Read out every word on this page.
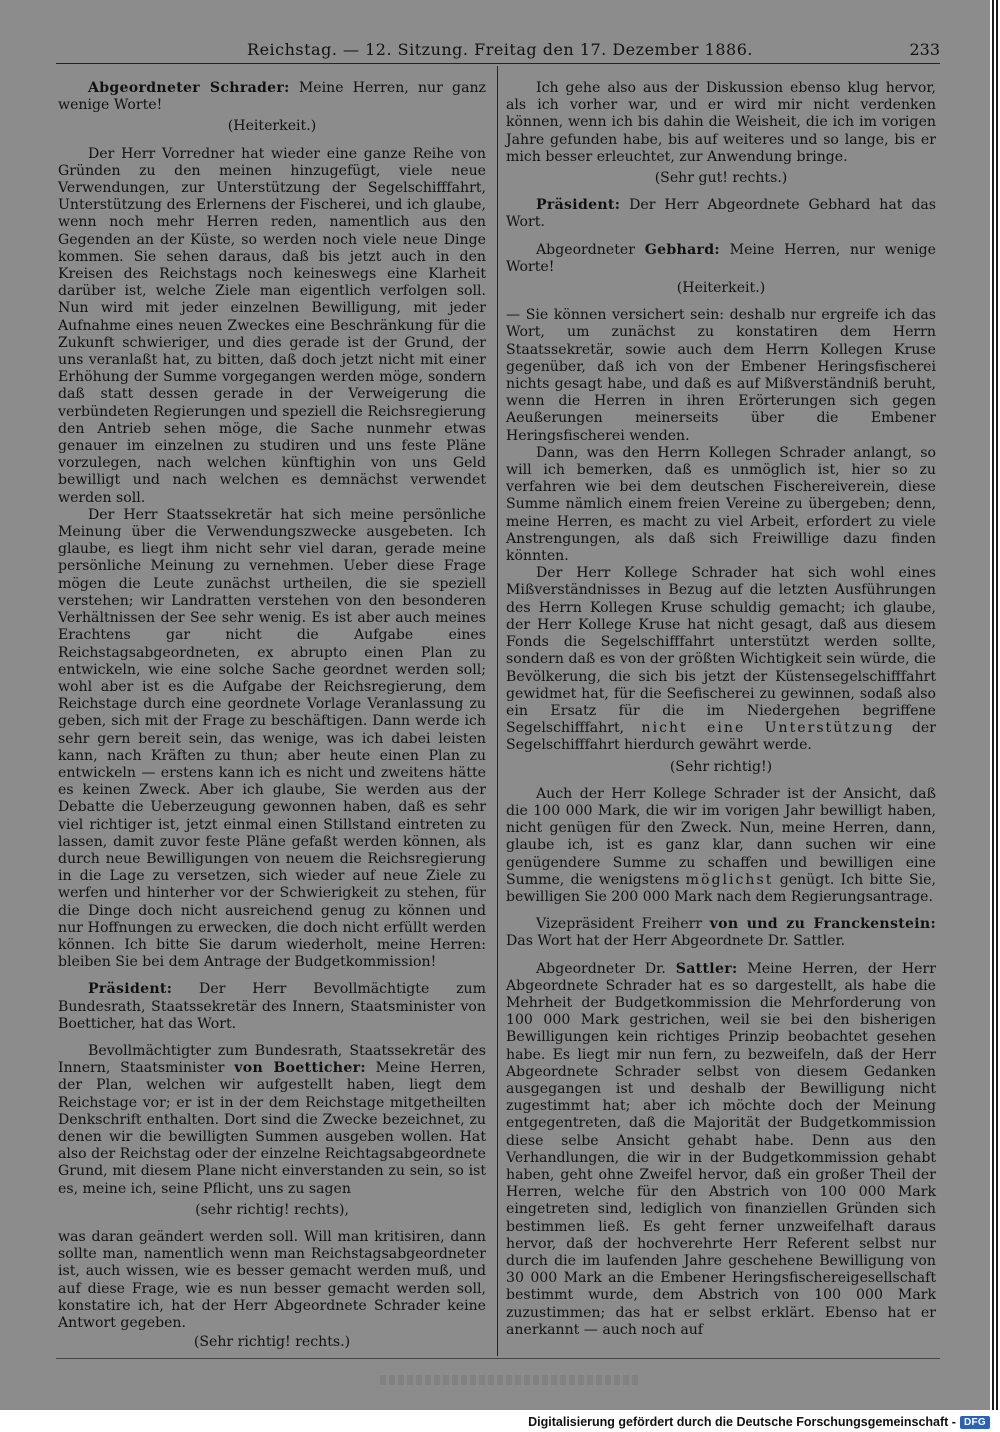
Reichstag. — 12. Sitzung. Freitag den 17. Dezember 1886.	233

Abgeordneter Schrader: Meine Herren, nur ganz wenige Worte!

(Heiterkeit.)

Der Herr Vorredner hat wieder eine ganze Reihe von Gründen zu den meinen hinzugefügt, viele neue Verwendungen, zur Unterstützung der Segelschifffahrt, Unterstützung des Erlernens der Fischerei, und ich glaube, wenn noch mehr Herren reden, namentlich aus den Gegenden an der Küste, so werden noch viele neue Dinge kommen. Sie sehen daraus, daß bis jetzt auch in den Kreisen des Reichstags noch keineswegs eine Klarheit darüber ist, welche Ziele man eigentlich verfolgen soll. Nun wird mit jeder einzelnen Bewilligung, mit jeder Aufnahme eines neuen Zweckes eine Beschränkung für die Zukunft schwieriger, und dies gerade ist der Grund, der uns veranlaßt hat, zu bitten, daß doch jetzt nicht mit einer Erhöhung der Summe vorgegangen werden möge, sondern daß statt dessen gerade in der Verweigerung die verbündeten Regierungen und speziell die Reichsregierung den Antrieb sehen möge, die Sache nunmehr etwas genauer im einzelnen zu studiren und uns feste Pläne vorzulegen, nach welchen künftighin von uns Geld bewilligt und nach welchen es demnächst verwendet werden soll.

Der Herr Staatssekretär hat sich meine persönliche Meinung über die Verwendungszwecke ausgebeten. Ich glaube, es liegt ihm nicht sehr viel daran, gerade meine persönliche Meinung zu vernehmen. Ueber diese Frage mögen die Leute zunächst urtheilen, die sie speziell verstehen; wir Landratten verstehen von den besonderen Verhältnissen der See sehr wenig. Es ist aber auch meines Erachtens gar nicht die Aufgabe eines Reichstagsabgeordneten, ex abrupto einen Plan zu entwickeln, wie eine solche Sache geordnet werden soll; wohl aber ist es die Aufgabe der Reichsregierung, dem Reichstage durch eine geordnete Vorlage Veranlassung zu geben, sich mit der Frage zu beschäftigen. Dann werde ich sehr gern bereit sein, das wenige, was ich dabei leisten kann, nach Kräften zu thun; aber heute einen Plan zu entwickeln — erstens kann ich es nicht und zweitens hätte es keinen Zweck. Aber ich glaube, Sie werden aus der Debatte die Ueberzeugung gewonnen haben, daß es sehr viel richtiger ist, jetzt einmal einen Stillstand eintreten zu lassen, damit zuvor feste Pläne gefaßt werden können, als durch neue Bewilligungen von neuem die Reichsregierung in die Lage zu versetzen, sich wieder auf neue Ziele zu werfen und hinterher vor der Schwierigkeit zu stehen, für die Dinge doch nicht ausreichend genug zu können und nur Hoffnungen zu erwecken, die doch nicht erfüllt werden können. Ich bitte Sie darum wiederholt, meine Herren: bleiben Sie bei dem Antrage der Budgetkommission!

Präsident: Der Herr Bevollmächtigte zum Bundesrath, Staatssekretär des Innern, Staatsminister von Boetticher, hat das Wort.

Bevollmächtigter zum Bundesrath, Staatssekretär des Innern, Staatsminister von Boetticher: Meine Herren, der Plan, welchen wir aufgestellt haben, liegt dem Reichstage vor; er ist in der dem Reichstage mitgetheilten Denkschrift enthalten. Dort sind die Zwecke bezeichnet, zu denen wir die bewilligten Summen ausgeben wollen. Hat also der Reichstag oder der einzelne Reichtagsabgeordnete Grund, mit diesem Plane nicht einverstanden zu sein, so ist es, meine ich, seine Pflicht, uns zu sagen

(sehr richtig! rechts),

was daran geändert werden soll. Will man kritisiren, dann sollte man, namentlich wenn man Reichstagsabgeordneter ist, auch wissen, wie es besser gemacht werden muß, und auf diese Frage, wie es nun besser gemacht werden soll, konstatire ich, hat der Herr Abgeordnete Schrader keine Antwort gegeben.

(Sehr richtig! rechts.)

Ich gehe also aus der Diskussion ebenso klug hervor, als ich vorher war, und er wird mir nicht verdenken können, wenn ich bis dahin die Weisheit, die ich im vorigen Jahre gefunden habe, bis auf weiteres und so lange, bis er mich besser erleuchtet, zur Anwendung bringe.

(Sehr gut! rechts.)

Präsident: Der Herr Abgeordnete Gebhard hat das Wort.

Abgeordneter Gebhard: Meine Herren, nur wenige Worte!

(Heiterkeit.)

— Sie können versichert sein: deshalb nur ergreife ich das Wort, um zunächst zu konstatiren dem Herrn Staatssekretär, sowie auch dem Herrn Kollegen Kruse gegenüber, daß ich von der Embener Heringsfischerei nichts gesagt habe, und daß es auf Mißverständniß beruht, wenn die Herren in ihren Erörterungen sich gegen Aeußerungen meinerseits über die Embener Heringsfischerei wenden.

Dann, was den Herrn Kollegen Schrader anlangt, so will ich bemerken, daß es unmöglich ist, hier so zu verfahren wie bei dem deutschen Fischereiverein, diese Summe nämlich einem freien Vereine zu übergeben; denn, meine Herren, es macht zu viel Arbeit, erfordert zu viele Anstrengungen, als daß sich Freiwillige dazu finden könnten.

Der Herr Kollege Schrader hat sich wohl eines Mißverständnisses in Bezug auf die letzten Ausführungen des Herrn Kollegen Kruse schuldig gemacht; ich glaube, der Herr Kollege Kruse hat nicht gesagt, daß aus diesem Fonds die Segelschifffahrt unterstützt werden sollte, sondern daß es von der größten Wichtigkeit sein würde, die Bevölkerung, die sich bis jetzt der Küstensegelschifffahrt gewidmet hat, für die Seefischerei zu gewinnen, sodaß also ein Ersatz für die im Niedergehen begriffene Segelschifffahrt, nicht eine Unterstützung der Segelschifffahrt hierdurch gewährt werde.

(Sehr richtig!)

Auch der Herr Kollege Schrader ist der Ansicht, daß die 100 000 Mark, die wir im vorigen Jahr bewilligt haben, nicht genügen für den Zweck. Nun, meine Herren, dann, glaube ich, ist es ganz klar, dann suchen wir eine genügendere Summe zu schaffen und bewilligen eine Summe, die wenigstens möglichst genügt. Ich bitte Sie, bewilligen Sie 200 000 Mark nach dem Regierungsantrage.

Vizepräsident Freiherr von und zu Franckenstein: Das Wort hat der Herr Abgeordnete Dr. Sattler.

Abgeordneter Dr. Sattler: Meine Herren, der Herr Abgeordnete Schrader hat es so dargestellt, als habe die Mehrheit der Budgetkommission die Mehrforderung von 100 000 Mark gestrichen, weil sie bei den bisherigen Bewilligungen kein richtiges Prinzip beobachtet gesehen habe. Es liegt mir nun fern, zu bezweifeln, daß der Herr Abgeordnete Schrader selbst von diesem Gedanken ausgegangen ist und deshalb der Bewilligung nicht zugestimmt hat; aber ich möchte doch der Meinung entgegentreten, daß die Majorität der Budgetkommission diese selbe Ansicht gehabt habe. Denn aus den Verhandlungen, die wir in der Budgetkommission gehabt haben, geht ohne Zweifel hervor, daß ein großer Theil der Herren, welche für den Abstrich von 100 000 Mark eingetreten sind, lediglich von finanziellen Gründen sich bestimmen ließ. Es geht ferner unzweifelhaft daraus hervor, daß der hochverehrte Herr Referent selbst nur durch die im laufenden Jahre geschehene Bewilligung von 30 000 Mark an die Embener Heringsfischereigesellschaft bestimmt wurde, dem Abstrich von 100 000 Mark zuzustimmen; das hat er selbst erklärt. Ebenso hat er anerkannt — auch noch auf

Digitalisierung gefördert durch die Deutsche Forschungsgemeinschaft - DFG
